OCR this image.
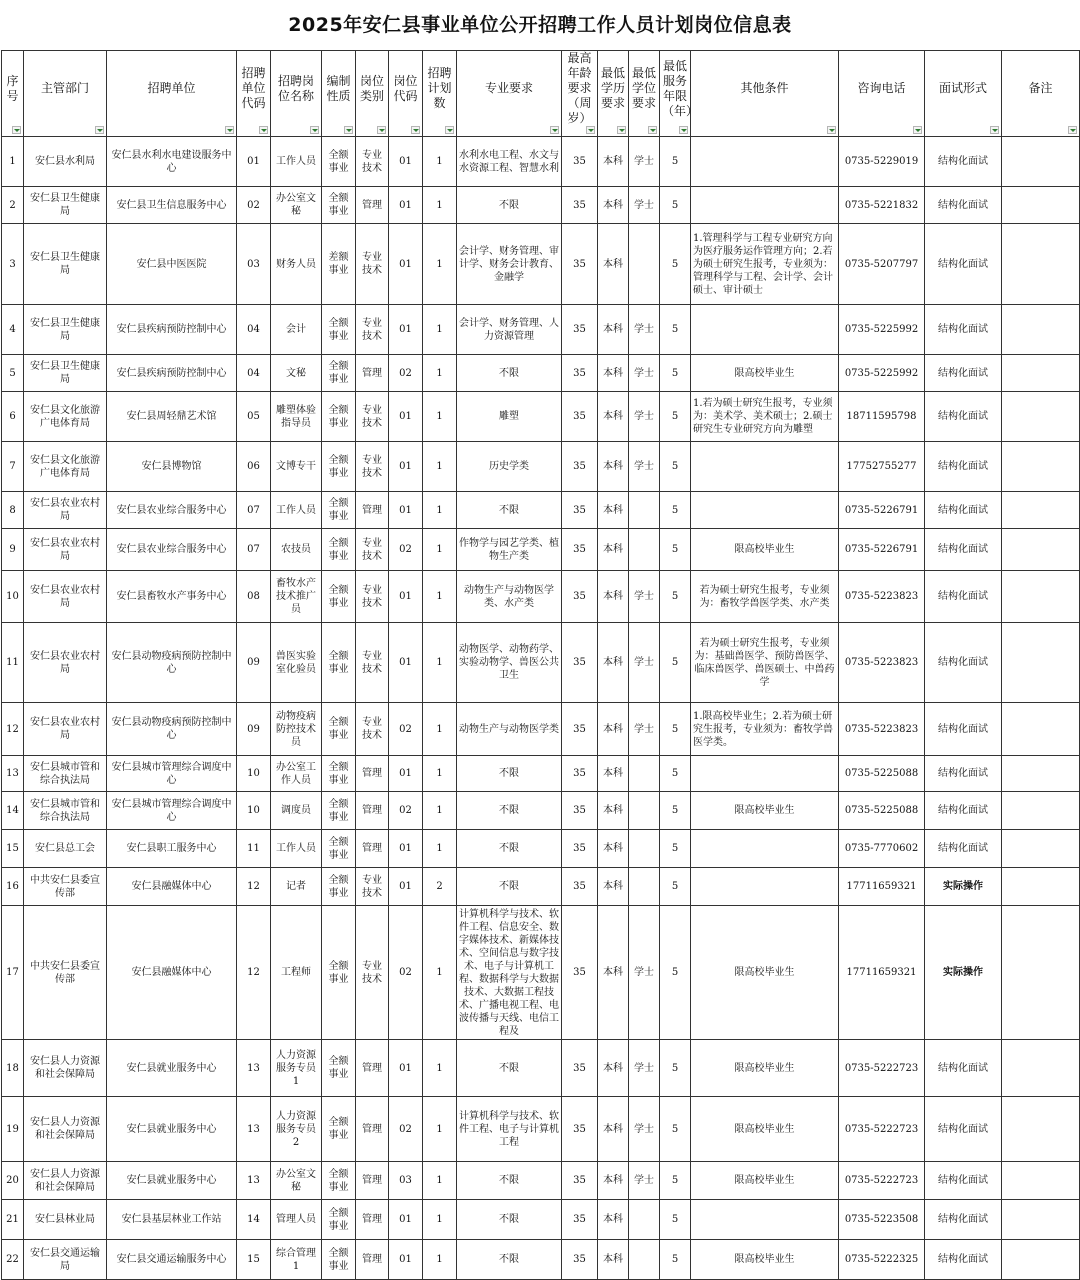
2025年安仁县事业单位公开招聘工作人员计划岗位信息表
序号	主管部门	招聘单位	招聘单位代码	招聘岗位名称	编制性质	岗位类别	岗位代码	招聘计划数	专业要求	最高年龄要求（周岁）	最低学历要求	最低学位要求	最低服务年限（年）	其他条件	咨询电话	面试形式	备注

1	安仁县水利局	安仁县水利水电建设服务中心	01	工作人员	全额事业	专业技术	01	1	水利水电工程、水文与水资源工程、智慧水利	35	本科	学士	5		0735-5229019	结构化面试	

2	安仁县卫生健康局	安仁县卫生信息服务中心	02	办公室文秘	全额事业	管理	01	1	不限	35	本科	学士	5		0735-5221832	结构化面试	

3	安仁县卫生健康局	安仁县中医医院	03	财务人员	差额事业	专业技术	01	1	会计学、财务管理、审计学、财务会计教育、金融学	35	本科		5	1.管理科学与工程专业研究方向为医疗服务运作管理方向；2.若为硕士研究生报考，专业须为：管理科学与工程、会计学、会计硕士、审计硕士	0735-5207797	结构化面试	

4	安仁县卫生健康局	安仁县疾病预防控制中心	04	会计	全额事业	专业技术	01	1	会计学、财务管理、人力资源管理	35	本科	学士	5		0735-5225992	结构化面试	

5	安仁县卫生健康局	安仁县疾病预防控制中心	04	文秘	全额事业	管理	02	1	不限	35	本科	学士	5	限高校毕业生	0735-5225992	结构化面试	

6	安仁县文化旅游广电体育局	安仁县周轻鼎艺术馆	05	雕塑体验指导员	全额事业	专业技术	01	1	雕塑	35	本科	学士	5	1.若为硕士研究生报考，专业须为：美术学、美术硕士；2.硕士研究生专业研究方向为雕塑	18711595798	结构化面试	

7	安仁县文化旅游广电体育局	安仁县博物馆	06	文博专干	全额事业	专业技术	01	1	历史学类	35	本科	学士	5		17752755277	结构化面试	

8	安仁县农业农村局	安仁县农业综合服务中心	07	工作人员	全额事业	管理	01	1	不限	35	本科		5		0735-5226791	结构化面试	

9	安仁县农业农村局	安仁县农业综合服务中心	07	农技员	全额事业	专业技术	02	1	作物学与园艺学类、植物生产类	35	本科		5	限高校毕业生	0735-5226791	结构化面试	

10	安仁县农业农村局	安仁县畜牧水产事务中心	08	畜牧水产技术推广员	全额事业	专业技术	01	1	动物生产与动物医学类、水产类	35	本科	学士	5	若为硕士研究生报考，专业须为：畜牧学兽医学类、水产类	0735-5223823	结构化面试	

11	安仁县农业农村局	安仁县动物疫病预防控制中心	09	兽医实验室化验员	全额事业	专业技术	01	1	动物医学、动物药学、实验动物学、兽医公共卫生	35	本科	学士	5	若为硕士研究生报考，专业须为：基础兽医学、预防兽医学、临床兽医学、兽医硕士、中兽药学	0735-5223823	结构化面试	

12	安仁县农业农村局	安仁县动物疫病预防控制中心	09	动物疫病防控技术员	全额事业	专业技术	02	1	动物生产与动物医学类	35	本科	学士	5	1.限高校毕业生；2.若为硕士研究生报考，专业须为：畜牧学兽医学类。	0735-5223823	结构化面试	

13	安仁县城市管和综合执法局	安仁县城市管理综合调度中心	10	办公室工作人员	全额事业	管理	01	1	不限	35	本科		5		0735-5225088	结构化面试	

14	安仁县城市管和综合执法局	安仁县城市管理综合调度中心	10	调度员	全额事业	管理	02	1	不限	35	本科		5	限高校毕业生	0735-5225088	结构化面试	

15	安仁县总工会	安仁县职工服务中心	11	工作人员	全额事业	管理	01	1	不限	35	本科		5		0735-7770602	结构化面试	

16	中共安仁县委宣传部	安仁县融媒体中心	12	记者	全额事业	专业技术	01	2	不限	35	本科		5		17711659321	实际操作	

17	中共安仁县委宣传部	安仁县融媒体中心	12	工程师	全额事业	专业技术	02	1	计算机科学与技术、软件工程、信息安全、数字媒体技术、新媒体技术、空间信息与数字技术、电子与计算机工程、数据科学与大数据技术、大数据工程技术、广播电视工程、电波传播与天线、电信工程及	35	本科	学士	5	限高校毕业生	17711659321	实际操作	

18	安仁县人力资源和社会保障局	安仁县就业服务中心	13	人力资源服务专员1	全额事业	管理	01	1	不限	35	本科	学士	5	限高校毕业生	0735-5222723	结构化面试	

19	安仁县人力资源和社会保障局	安仁县就业服务中心	13	人力资源服务专员2	全额事业	管理	02	1	计算机科学与技术、软件工程、电子与计算机工程	35	本科	学士	5	限高校毕业生	0735-5222723	结构化面试	

20	安仁县人力资源和社会保障局	安仁县就业服务中心	13	办公室文秘	全额事业	管理	03	1	不限	35	本科	学士	5	限高校毕业生	0735-5222723	结构化面试	

21	安仁县林业局	安仁县基层林业工作站	14	管理人员	全额事业	管理	01	1	不限	35	本科		5		0735-5223508	结构化面试	

22	安仁县交通运输局	安仁县交通运输服务中心	15	综合管理1	全额事业	管理	01	1	不限	35	本科		5	限高校毕业生	0735-5222325	结构化面试	
